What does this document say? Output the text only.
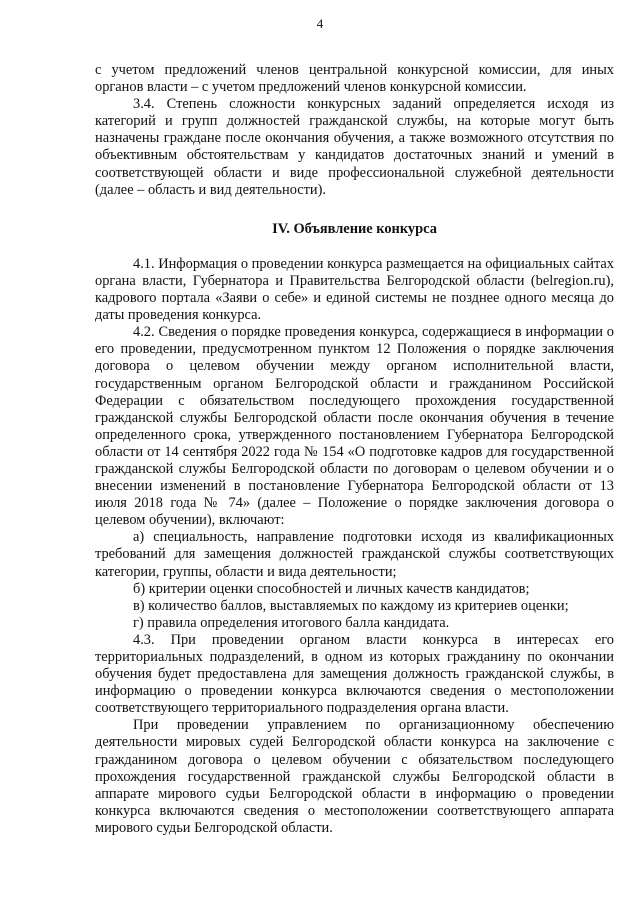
4

с учетом предложений членов центральной конкурсной комиссии, для иных органов власти – с учетом предложений членов конкурсной комиссии.

3.4. Степень сложности конкурсных заданий определяется исходя из категорий и групп должностей гражданской службы, на которые могут быть назначены граждане после окончания обучения, а также возможного отсутствия по объективным обстоятельствам у кандидатов достаточных знаний и умений в соответствующей области и виде профессиональной служебной деятельности (далее – область и вид деятельности).

IV. Объявление конкурса

4.1. Информация о проведении конкурса размещается на официальных сайтах органа власти, Губернатора и Правительства Белгородской области (belregion.ru), кадрового портала «Заяви о себе» и единой системы не позднее одного месяца до даты проведения конкурса.

4.2. Сведения о порядке проведения конкурса, содержащиеся в информации о его проведении, предусмотренном пунктом 12 Положения о порядке заключения договора о целевом обучении между органом исполнительной власти, государственным органом Белгородской области и гражданином Российской Федерации с обязательством последующего прохождения государственной гражданской службы Белгородской области после окончания обучения в течение определенного срока, утвержденного постановлением Губернатора Белгородской области от 14 сентября 2022 года № 154 «О подготовке кадров для государственной гражданской службы Белгородской области по договорам о целевом обучении и о внесении изменений в постановление Губернатора Белгородской области от 13 июля 2018 года № 74» (далее – Положение о порядке заключения договора о целевом обучении), включают:

а) специальность, направление подготовки исходя из квалификационных требований для замещения должностей гражданской службы соответствующих категории, группы, области и вида деятельности;

б) критерии оценки способностей и личных качеств кандидатов;

в) количество баллов, выставляемых по каждому из критериев оценки;

г) правила определения итогового балла кандидата.

4.3. При проведении органом власти конкурса в интересах его территориальных подразделений, в одном из которых гражданину по окончании обучения будет предоставлена для замещения должность гражданской службы, в информацию о проведении конкурса включаются сведения о местоположении соответствующего территориального подразделения органа власти.

При проведении управлением по организационному обеспечению деятельности мировых судей Белгородской области конкурса на заключение с гражданином договора о целевом обучении с обязательством последующего прохождения государственной гражданской службы Белгородской области в аппарате мирового судьи Белгородской области в информацию о проведении конкурса включаются сведения о местоположении соответствующего аппарата мирового судьи Белгородской области.
